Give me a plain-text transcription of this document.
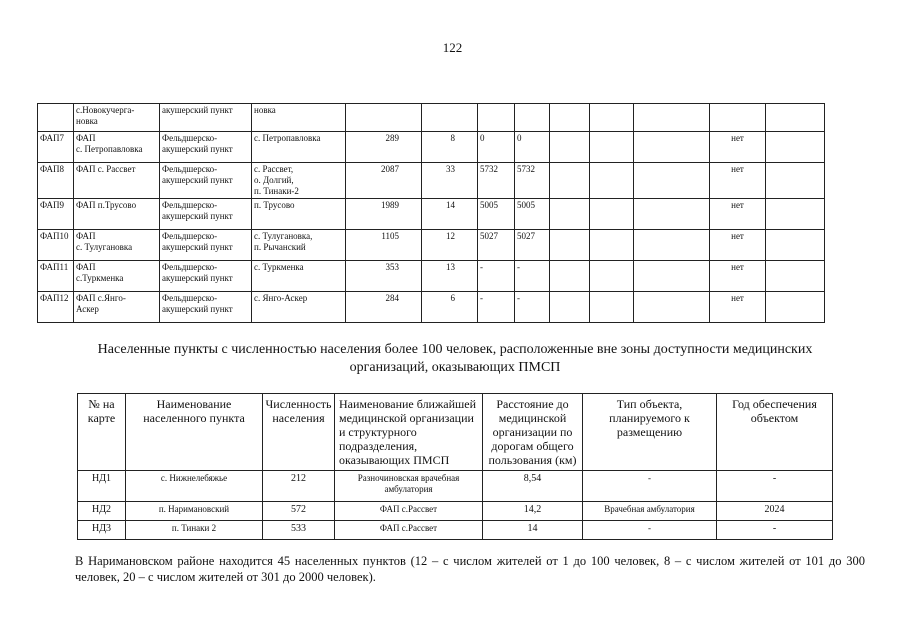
122
	с.Новокучерга-
новка	акушерский пункт	новка									
ФАП7	ФАП
с. Петропавловка	Фельдшерско-
акушерский пункт	с. Петропавловка	289	8	0	0				нет	
ФАП8	ФАП с. Рассвет	Фельдшерско-
акушерский пункт	с. Рассвет,
о. Долгий,
п. Тинаки-2	2087	33	5732	5732				нет	
ФАП9	ФАП п.Трусово	Фельдшерско-
акушерский пункт	п. Трусово	1989	14	5005	5005				нет	
ФАП10	ФАП
с. Тулугановка	Фельдшерско-
акушерский пункт	с. Тулугановка,
п. Рычанский	1105	12	5027	5027				нет	
ФАП11	ФАП
с.Туркменка	Фельдшерско-
акушерский пункт	с. Туркменка	353	13	-	-				нет	
ФАП12	ФАП с.Янго-
Аскер	Фельдшерско-
акушерский пункт	с. Янго-Аскер	284	6	-	-				нет	
Населенные пункты с численностью населения более 100 человек, расположенные вне зоны доступности медицинских организаций, оказывающих ПМСП
№ на карте	Наименование населенного пункта	Численность населения	Наименование ближайшей медицинской организации и структурного подразделения, оказывающих ПМСП	Расстояние до медицинской организации по дорогам общего пользования (км)	Тип объекта, планируемого к размещению	Год обеспечения объектом
НД1	с. Нижнелебяжье	212	Разночиновская врачебная амбулатория	8,54	-	-
НД2	п. Наримановский	572	ФАП с.Рассвет	14,2	Врачебная амбулатория	2024
НД3	п. Тинаки 2	533	ФАП с.Рассвет	14	-	-
В Наримановском районе находится 45 населенных пунктов (12 – с числом жителей от 1 до 100 человек, 8 – с числом жителей от 101 до 300 человек, 20 – с числом жителей от 301 до 2000 человек).
